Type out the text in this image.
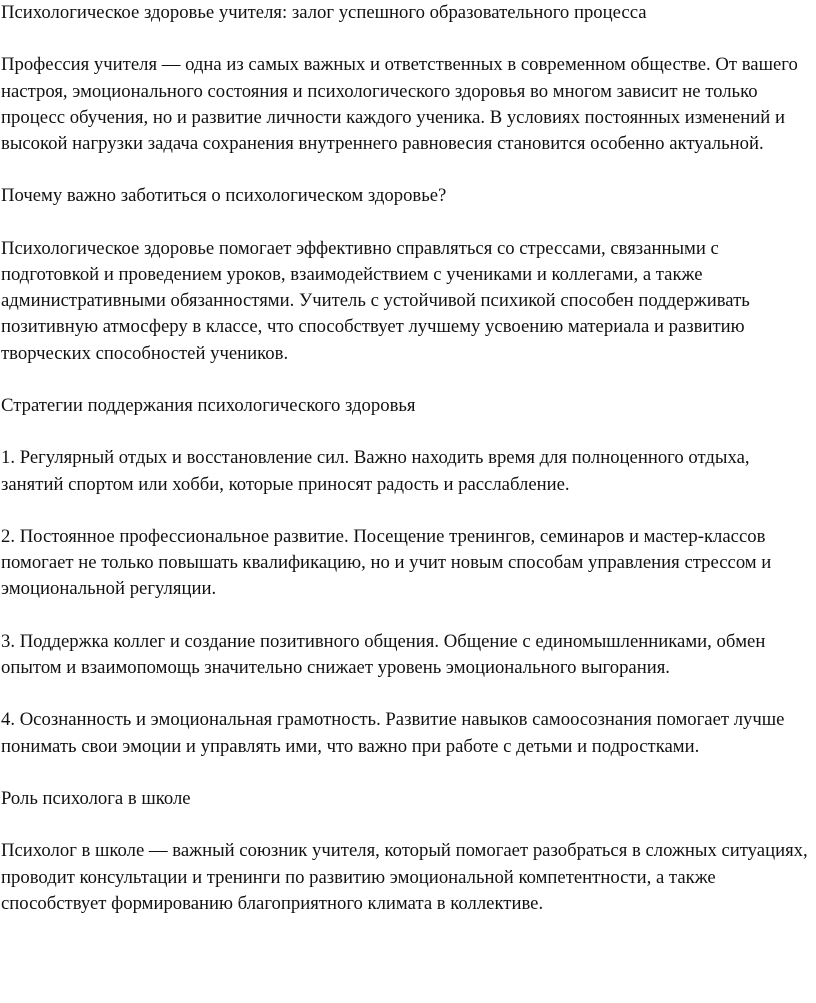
Психологическое здоровье учителя: залог успешного образовательного процесса

Профессия учителя — одна из самых важных и ответственных в современном обществе. От вашего настроя, эмоционального состояния и психологического здоровья во многом зависит не только процесс обучения, но и развитие личности каждого ученика. В условиях постоянных изменений и высокой нагрузки задача сохранения внутреннего равновесия становится особенно актуальной.

Почему важно заботиться о психологическом здоровье?

Психологическое здоровье помогает эффективно справляться со стрессами, связанными с подготовкой и проведением уроков, взаимодействием с учениками и коллегами, а также административными обязанностями. Учитель с устойчивой психикой способен поддерживать позитивную атмосферу в классе, что способствует лучшему усвоению материала и развитию творческих способностей учеников.

Стратегии поддержания психологического здоровья

1. Регулярный отдых и восстановление сил. Важно находить время для полноценного отдыха, занятий спортом или хобби, которые приносят радость и расслабление.

2. Постоянное профессиональное развитие. Посещение тренингов, семинаров и мастер-классов помогает не только повышать квалификацию, но и учит новым способам управления стрессом и эмоциональной регуляции.

3. Поддержка коллег и создание позитивного общения. Общение с единомышленниками, обмен опытом и взаимопомощь значительно снижает уровень эмоционального выгорания.

4. Осознанность и эмоциональная грамотность. Развитие навыков самоосознания помогает лучше понимать свои эмоции и управлять ими, что важно при работе с детьми и подростками.

Роль психолога в школе

Психолог в школе — важный союзник учителя, который помогает разобраться в сложных ситуациях, проводит консультации и тренинги по развитию эмоциональной компетентности, а также способствует формированию благоприятного климата в коллективе.
